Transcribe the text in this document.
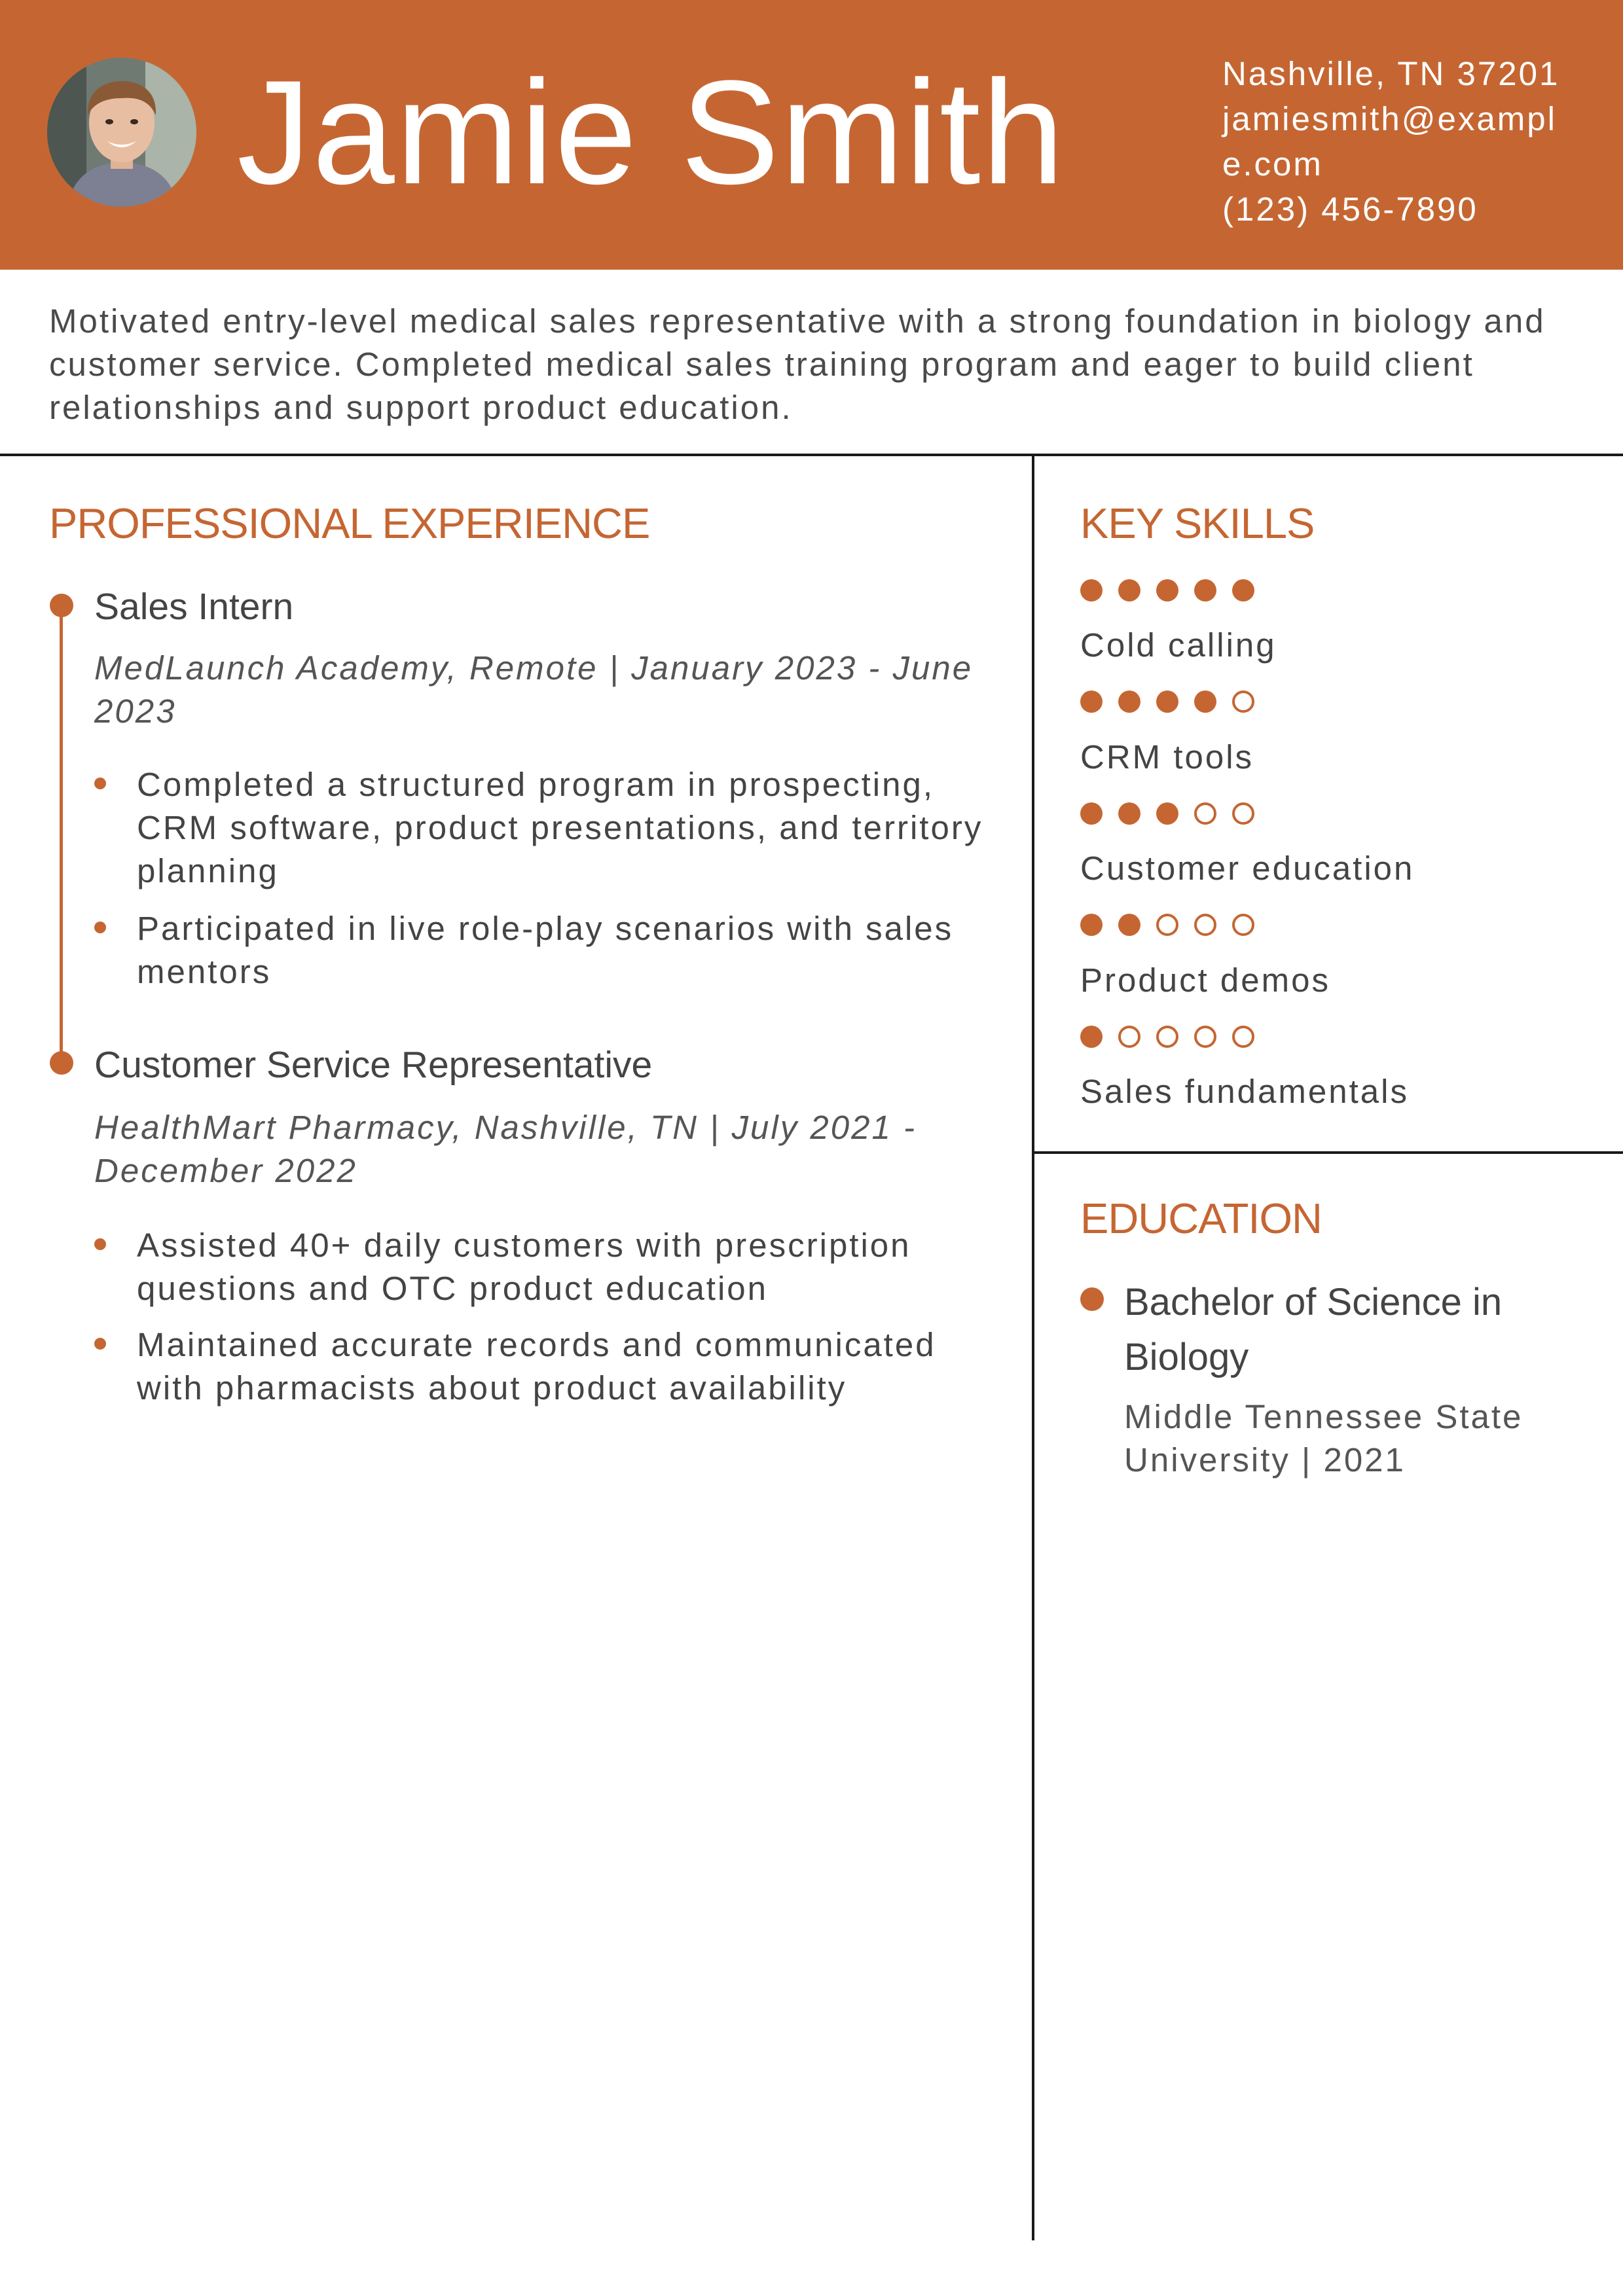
Jamie Smith	Nashville, TN 37201
jamiesmith@exampl
e.com
(123) 456-7890
Motivated entry-level medical sales representative with a strong foundation in biology and
customer service. Completed medical sales training program and eager to build client
relationships and support product education.
PROFESSIONAL EXPERIENCE
Sales Intern
MedLaunch Academy, Remote | January 2023 - June
2023
Completed a structured program in prospecting,
CRM software, product presentations, and territory
planning
Participated in live role-play scenarios with sales
mentors
Customer Service Representative
HealthMart Pharmacy, Nashville, TN | July 2021 -
December 2022
Assisted 40+ daily customers with prescription
questions and OTC product education
Maintained accurate records and communicated
with pharmacists about product availability
KEY SKILLS
Cold calling
CRM tools
Customer education
Product demos
Sales fundamentals
EDUCATION
Bachelor of Science in
Biology
Middle Tennessee State
University | 2021
